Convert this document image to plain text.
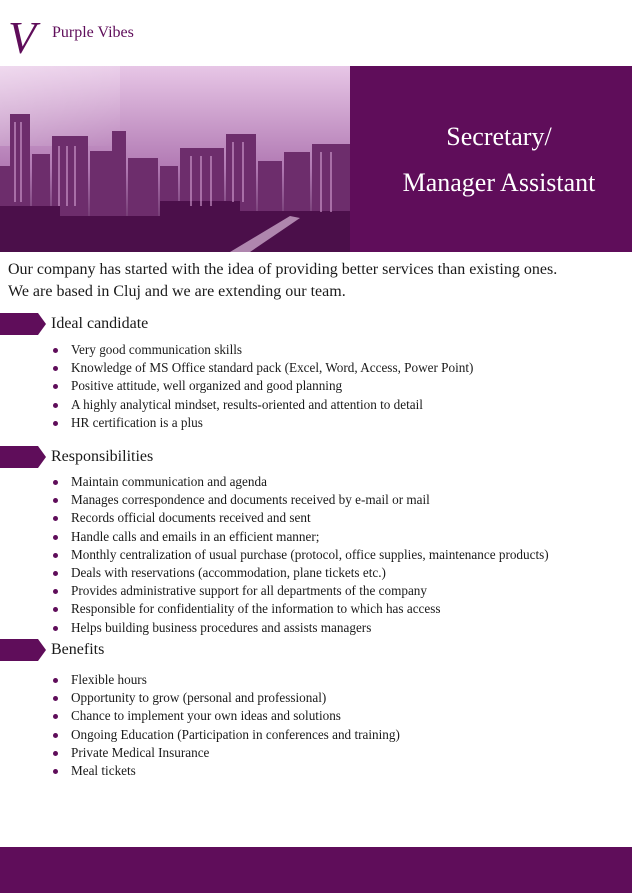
V Purple Vibes
Secretary/
Manager Assistant

Our company has started with the idea of providing better services than existing ones.

We are based in Cluj and we are extending our team.

Ideal candidate
Very good communication skills
Knowledge of MS Office standard pack (Excel, Word, Access, Power Point)
Positive attitude, well organized and good planning
A highly analytical mindset, results-oriented and attention to detail
HR certification is a plus
Responsibilities
Maintain communication and agenda
Manages correspondence and documents received by e-mail or mail
Records official documents received and sent
Handle calls and emails in an efficient manner;
Monthly centralization of usual purchase (protocol, office supplies, maintenance products)
Deals with reservations (accommodation, plane tickets etc.)
Provides administrative support for all departments of the company
Responsible for confidentiality of the information to which has access
Helps building business procedures and assists managers
Benefits
Flexible hours
Opportunity to grow (personal and professional)
Chance to implement your own ideas and solutions
Ongoing Education (Participation in conferences and training)
Private Medical Insurance
Meal tickets
